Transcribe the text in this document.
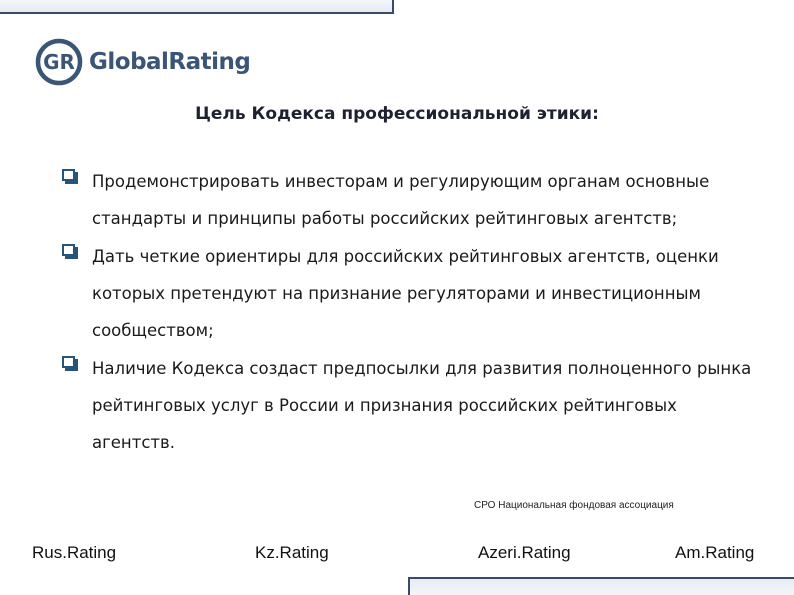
GR GlobalRating
Цель Кодекса профессиональной этики:
Продемонстрировать инвесторам и регулирующим органам основные стандарты и принципы работы российских рейтинговых агентств;
Дать четкие ориентиры для российских рейтинговых агентств, оценки которых претендуют на признание регуляторами и инвестиционным сообществом;
Наличие Кодекса создаст предпосылки для развития полноценного рынка рейтинговых услуг в России и признания российских рейтинговых агентств.
СРО Национальная фондовая ассоциация
Rus.Rating	Kz.Rating	Azeri.Rating	Am.Rating
